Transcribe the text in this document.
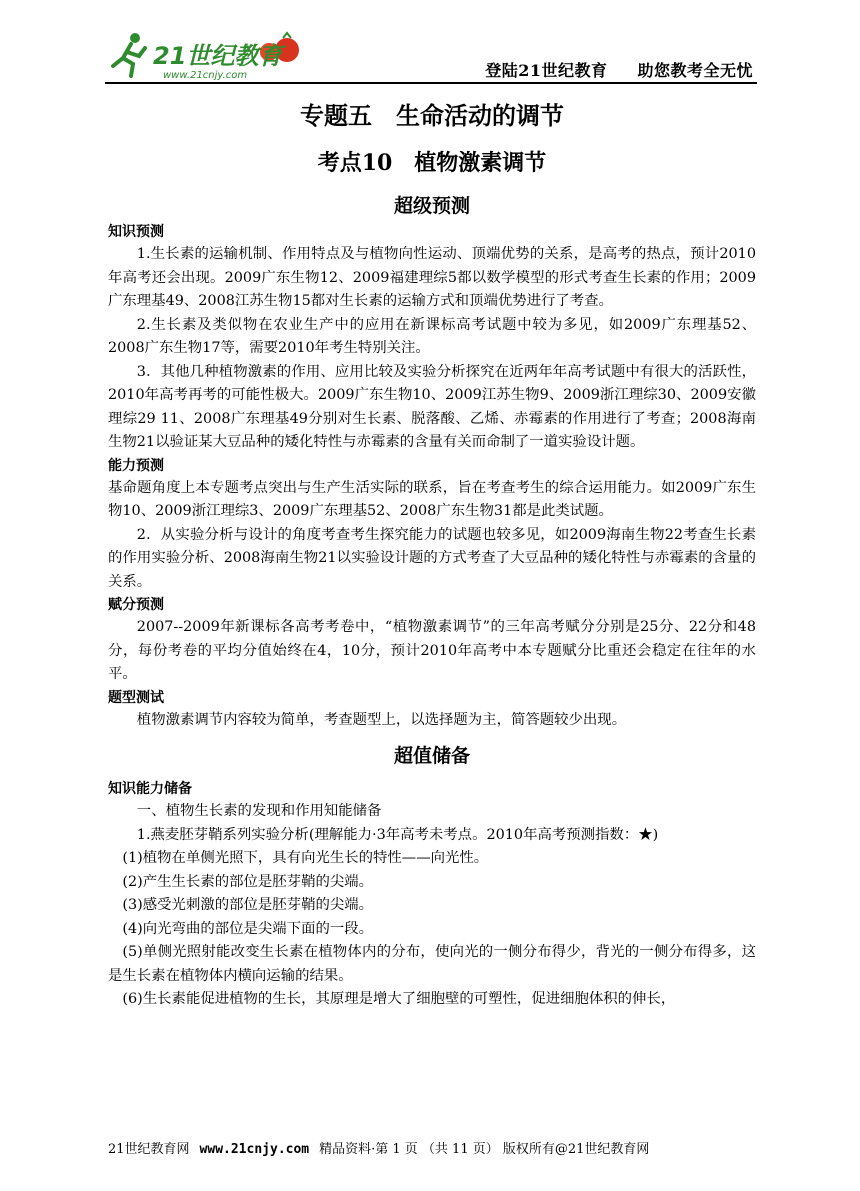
21世纪教育
www.21cnjy.com	登陆21世纪教育 助您教考全无忧
专题五　生命活动的调节
考点10　植物激素调节
超级预测
知识预测

1.生长素的运输机制、作用特点及与植物向性运动、顶端优势的关系，是高考的热点，预计2010年高考还会出现。2009广东生物12、2009福建理综5都以数学模型的形式考查生长素的作用；2009广东理基49、2008江苏生物15都对生长素的运输方式和顶端优势进行了考查。

2.生长素及类似物在农业生产中的应用在新课标高考试题中较为多见，如2009广东理基52、2008广东生物17等，需要2010年考生特别关注。

3．其他几种植物激素的作用、应用比较及实验分析探究在近两年年高考试题中有很大的活跃性，2010年高考再考的可能性极大。2009广东生物10、2009江苏生物9、2009浙江理综30、2009安徽理综29 11、2008广东理基49分别对生长素、脱落酸、乙烯、赤霉素的作用进行了考查；2008海南生物21以验证某大豆品种的矮化特性与赤霉素的含量有关而命制了一道实验设计题。

能力预测

基命题角度上本专题考点突出与生产生活实际的联系，旨在考查考生的综合运用能力。如2009广东生物10、2009浙江理综3、2009广东理基52、2008广东生物31都是此类试题。

2．从实验分析与设计的角度考查考生探究能力的试题也较多见，如2009海南生物22考查生长素的作用实验分析、2008海南生物21以实验设计题的方式考查了大豆品种的矮化特性与赤霉素的含量的关系。

赋分预测

2007--2009年新课标各高考考卷中，“植物激素调节”的三年高考赋分分别是25分、22分和48分，每份考卷的平均分值始终在4，10分，预计2010年高考中本专题赋分比重还会稳定在往年的水平。

题型测试

植物激素调节内容较为简单，考查题型上，以选择题为主，简答题较少出现。

超值储备
知识能力储备

一、植物生长素的发现和作用知能储备

1.燕麦胚芽鞘系列实验分析(理解能力·3年高考未考点。2010年高考预测指数：★)

(1)植物在单侧光照下，具有向光生长的特性——向光性。

(2)产生生长素的部位是胚芽鞘的尖端。

(3)感受光刺激的部位是胚芽鞘的尖端。

(4)向光弯曲的部位是尖端下面的一段。

(5)单侧光照射能改变生长素在植物体内的分布，使向光的一侧分布得少，背光的一侧分布得多，这是生长素在植物体内横向运输的结果。

(6)生长素能促进植物的生长，其原理是增大了细胞壁的可塑性，促进细胞体积的伸长，

21世纪教育网 www.21cnjy.com 精品资料·第 1 页 （共 11 页） 版权所有@21世纪教育网
